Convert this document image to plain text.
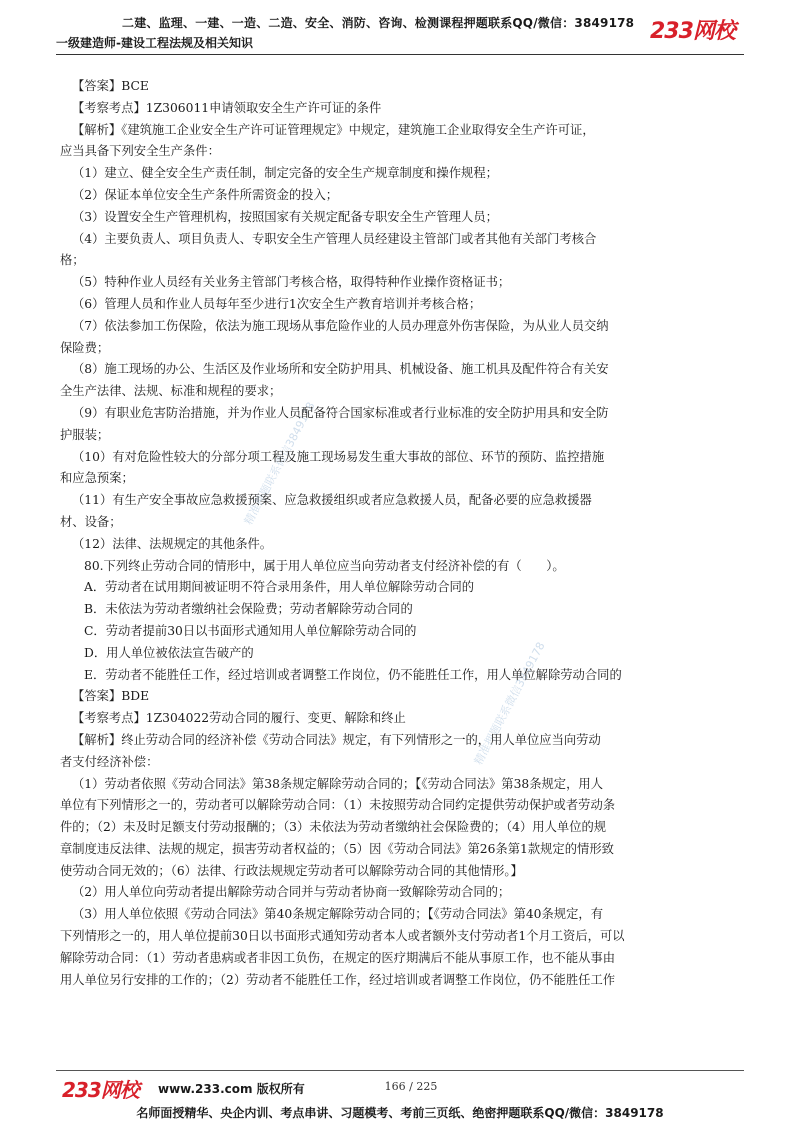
二建、监理、一建、一造、二造、安全、消防、咨询、检测课程押题联系QQ/微信：3849178
一级建造师-建设工程法规及相关知识	233网校
精准押题联系微信3849178
精准押题联系微信3849178

【答案】BCE

【考察考点】1Z306011申请领取安全生产许可证的条件

【解析】《建筑施工企业安全生产许可证管理规定》中规定，建筑施工企业取得安全生产许可证，

应当具备下列安全生产条件：

（1）建立、健全安全生产责任制，制定完备的安全生产规章制度和操作规程；

（2）保证本单位安全生产条件所需资金的投入；

（3）设置安全生产管理机构，按照国家有关规定配备专职安全生产管理人员；

（4）主要负责人、项目负责人、专职安全生产管理人员经建设主管部门或者其他有关部门考核合

格；

（5）特种作业人员经有关业务主管部门考核合格，取得特种作业操作资格证书；

（6）管理人员和作业人员每年至少进行1次安全生产教育培训并考核合格；

（7）依法参加工伤保险，依法为施工现场从事危险作业的人员办理意外伤害保险，为从业人员交纳

保险费；

（8）施工现场的办公、生活区及作业场所和安全防护用具、机械设备、施工机具及配件符合有关安

全生产法律、法规、标准和规程的要求；

（9）有职业危害防治措施，并为作业人员配备符合国家标准或者行业标准的安全防护用具和安全防

护服装；

（10）有对危险性较大的分部分项工程及施工现场易发生重大事故的部位、环节的预防、监控措施

和应急预案；

（11）有生产安全事故应急救援预案、应急救援组织或者应急救援人员，配备必要的应急救援器

材、设备；

（12）法律、法规规定的其他条件。

80.下列终止劳动合同的情形中，属于用人单位应当向劳动者支付经济补偿的有（　　）。

A．劳动者在试用期间被证明不符合录用条件，用人单位解除劳动合同的

B．未依法为劳动者缴纳社会保险费；劳动者解除劳动合同的

C．劳动者提前30日以书面形式通知用人单位解除劳动合同的

D．用人单位被依法宣告破产的

E．劳动者不能胜任工作，经过培训或者调整工作岗位，仍不能胜任工作，用人单位解除劳动合同的

【答案】BDE

【考察考点】1Z304022劳动合同的履行、变更、解除和终止

【解析】终止劳动合同的经济补偿《劳动合同法》规定，有下列情形之一的，用人单位应当向劳动

者支付经济补偿：

（1）劳动者依照《劳动合同法》第38条规定解除劳动合同的；【《劳动合同法》第38条规定，用人

单位有下列情形之一的，劳动者可以解除劳动合同：（1）未按照劳动合同约定提供劳动保护或者劳动条

件的；（2）未及时足额支付劳动报酬的；（3）未依法为劳动者缴纳社会保险费的；（4）用人单位的规

章制度违反法律、法规的规定，损害劳动者权益的；（5）因《劳动合同法》第26条第1款规定的情形致

使劳动合同无效的；（6）法律、行政法规规定劳动者可以解除劳动合同的其他情形。】

（2）用人单位向劳动者提出解除劳动合同并与劳动者协商一致解除劳动合同的；

（3）用人单位依照《劳动合同法》第40条规定解除劳动合同的；【《劳动合同法》第40条规定，有

下列情形之一的，用人单位提前30日以书面形式通知劳动者本人或者额外支付劳动者1个月工资后，可以

解除劳动合同：（1）劳动者患病或者非因工负伤，在规定的医疗期满后不能从事原工作，也不能从事由

用人单位另行安排的工作的；（2）劳动者不能胜任工作，经过培训或者调整工作岗位，仍不能胜任工作

233网校 www.233.com 版权所有	166 / 225
名师面授精华、央企内训、考点串讲、习题模考、考前三页纸、绝密押题联系QQ/微信：3849178
